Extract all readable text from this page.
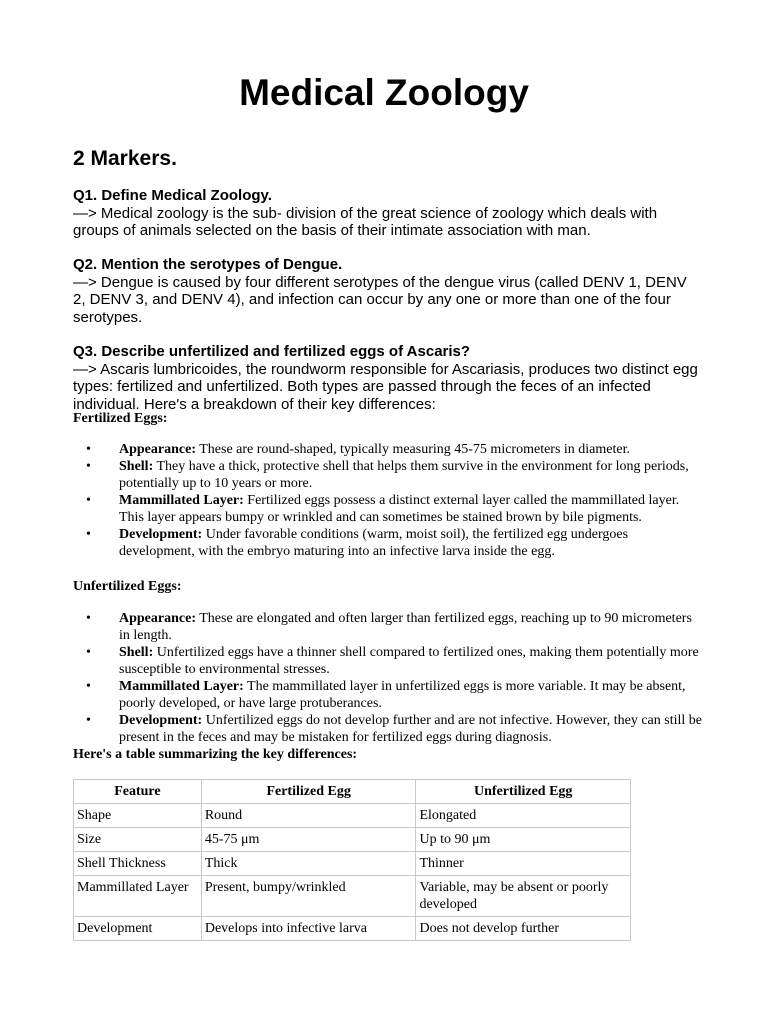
Medical Zoology
2 Markers.

Q1. Define Medical Zoology.

—> Medical zoology is the sub- division of the great science of zoology which deals with groups of animals selected on the basis of their intimate association with man.

Q2. Mention the serotypes of Dengue.

—> Dengue is caused by four different serotypes of the dengue virus (called DENV 1, DENV 2, DENV 3, and DENV 4), and infection can occur by any one or more than one of the four serotypes.

Q3. Describe unfertilized and fertilized eggs of Ascaris?

—> Ascaris lumbricoides, the roundworm responsible for Ascariasis, produces two distinct egg types: fertilized and unfertilized. Both types are passed through the feces of an infected individual. Here's a breakdown of their key differences:

Fertilized Eggs:
• Appearance: These are round-shaped, typically measuring 45-75 micrometers in diameter.
• Shell: They have a thick, protective shell that helps them survive in the environment for long periods, potentially up to 10 years or more.
• Mammillated Layer: Fertilized eggs possess a distinct external layer called the mammillated layer. This layer appears bumpy or wrinkled and can sometimes be stained brown by bile pigments.
• Development: Under favorable conditions (warm, moist soil), the fertilized egg undergoes development, with the embryo maturing into an infective larva inside the egg.
Unfertilized Eggs:
• Appearance: These are elongated and often larger than fertilized eggs, reaching up to 90 micrometers in length.
• Shell: Unfertilized eggs have a thinner shell compared to fertilized ones, making them potentially more susceptible to environmental stresses.
• Mammillated Layer: The mammillated layer in unfertilized eggs is more variable. It may be absent, poorly developed, or have large protuberances.
• Development: Unfertilized eggs do not develop further and are not infective. However, they can still be present in the feces and may be mistaken for fertilized eggs during diagnosis.
Here's a table summarizing the key differences:
Feature	Fertilized Egg	Unfertilized Egg
Shape	Round	Elongated
Size	45-75 μm	Up to 90 μm
Shell Thickness	Thick	Thinner
Mammillated Layer	Present, bumpy/wrinkled	Variable, may be absent or poorly developed
Development	Develops into infective larva	Does not develop further
